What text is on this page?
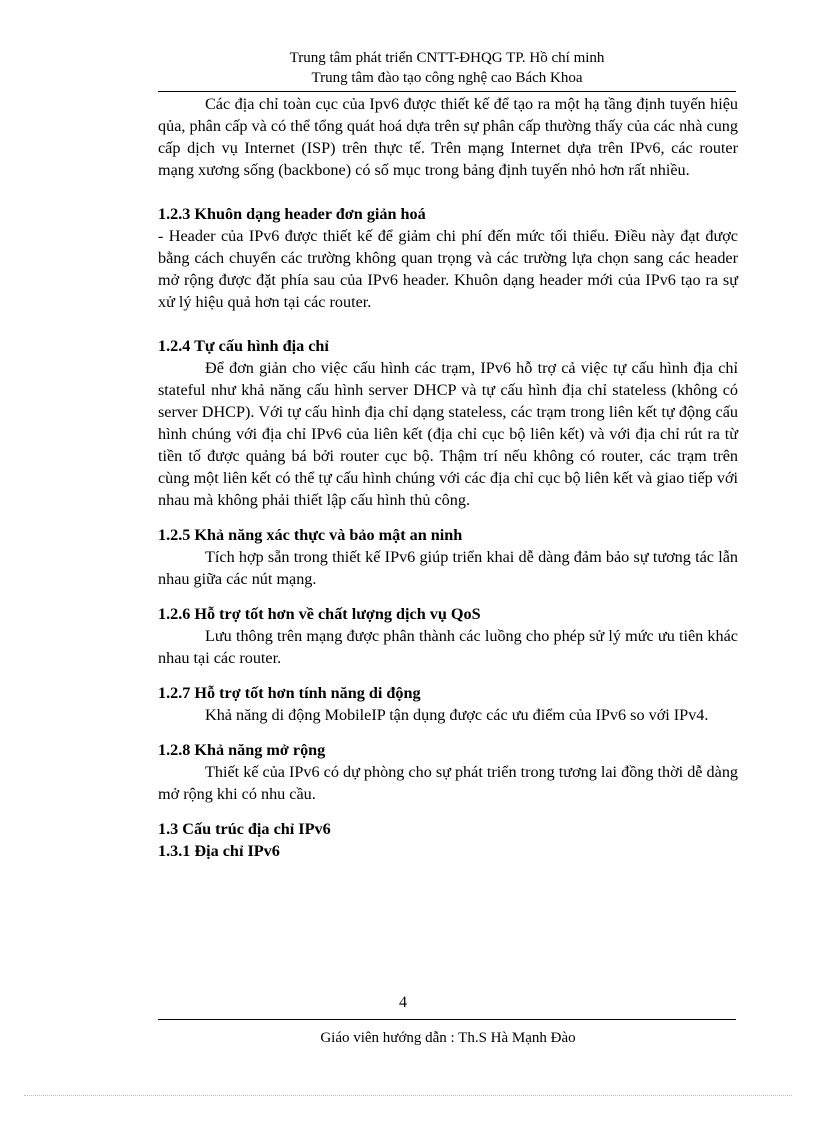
Trung tâm phát triển CNTT-ĐHQG TP. Hồ chí minh
Trung tâm đào tạo công nghệ cao Bách Khoa

Các địa chỉ toàn cục của Ipv6 được thiết kế để tạo ra một hạ tầng định tuyến hiệu qủa, phân cấp và có thể tổng quát hoá dựa trên sự phân cấp thường thấy của các nhà cung cấp dịch vụ Internet (ISP) trên thực tế. Trên mạng Internet dựa trên IPv6, các router mạng xương sống (backbone) có số mục trong bảng định tuyến nhỏ hơn rất nhiều.

1.2.3 Khuôn dạng header đơn giản hoá

- Header của IPv6 được thiết kế để giảm chi phí đến mức tối thiểu. Điều này đạt được bằng cách chuyển các trường không quan trọng và các trường lựa chọn sang các header mở rộng được đặt phía sau của IPv6 header. Khuôn dạng header mới của IPv6 tạo ra sự xử lý hiệu quả hơn tại các router.

1.2.4 Tự cấu hình địa chỉ

Để đơn giản cho việc cấu hình các trạm, IPv6 hỗ trợ cả việc tự cấu hình địa chỉ stateful như khả năng cấu hình server DHCP và tự cấu hình địa chỉ stateless (không có server DHCP). Với tự cấu hình địa chỉ dạng stateless, các trạm trong liên kết tự động cấu hình chúng với địa chỉ IPv6 của liên kết (địa chỉ cục bộ liên kết) và với địa chỉ rút ra từ tiền tố được quảng bá bởi router cục bộ. Thậm trí nếu không có router, các trạm trên cùng một liên kết có thể tự cấu hình chúng với các địa chỉ cục bộ liên kết và giao tiếp với nhau mà không phải thiết lập cấu hình thủ công.

1.2.5 Khả năng xác thực và bảo mật an ninh

Tích hợp sẵn trong thiết kế IPv6 giúp triển khai dễ dàng đảm bảo sự tương tác lẫn nhau giữa các nút mạng.

1.2.6 Hỗ trợ tốt hơn về chất lượng dịch vụ QoS

Lưu thông trên mạng được phân thành các luồng cho phép sử lý mức ưu tiên khác nhau tại các router.

1.2.7 Hỗ trợ tốt hơn tính năng di động

Khả năng di động MobileIP tận dụng được các ưu điểm của IPv6 so với IPv4.

1.2.8 Khả năng mở rộng

Thiết kế của IPv6 có dự phòng cho sự phát triển trong tương lai đồng thời dễ dàng mở rộng khi có nhu cầu.

1.3 Cấu trúc địa chỉ IPv6

1.3.1 Địa chỉ IPv6

4
Giáo viên hướng dẫn : Th.S Hà Mạnh Đào
